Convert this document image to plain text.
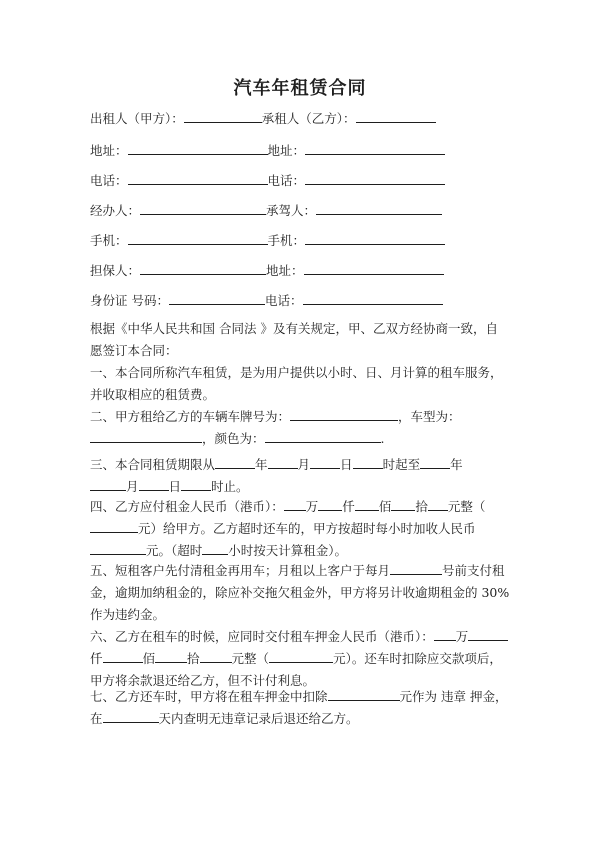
汽车年租赁合同
出租人（甲方）：	承租人（乙方）：
地址：	地址：
电话：	电话：
经办人：	承驾人：
手机：	手机：
担保人：	地址：
身份证 号码：	电话：
根据《中华人民共和国 合同法 》及有关规定，甲、乙双方经协商一致，自愿签订本合同：
一、本合同所称汽车租赁，是为用户提供以小时、日、月计算的租车服务，并收取相应的租赁费。
二、甲方租给乙方的车辆车牌号为：	，车型为：
，颜色为：	.
三、本合同租赁期限从	年 月 日 时起至 年
月 日 时止。
四、乙方应付租金人民币（港币）： 万 仟 佰 拾 元整（元）给甲方。乙方超时还车的，甲方按超时每小时加收人民币元。（超时 小时按天计算租金）。
五、短租客户先付清租金再用车；月租以上客户于每月	号前支付租金，逾期加纳租金的，除应补交拖欠租金外，甲方将另计收逾期租金的 30%作为违约金。
六、乙方在租车的时候，应同时交付租车押金人民币（港币）： 万仟	佰	拾	元整（	元）。还车时扣除应交款项后，甲方将余款退还给乙方，但不计付利息。
七、乙方还车时，甲方将在租车押金中扣除	元作为 违章 押金，
在	天内查明无违章记录后退还给乙方。
